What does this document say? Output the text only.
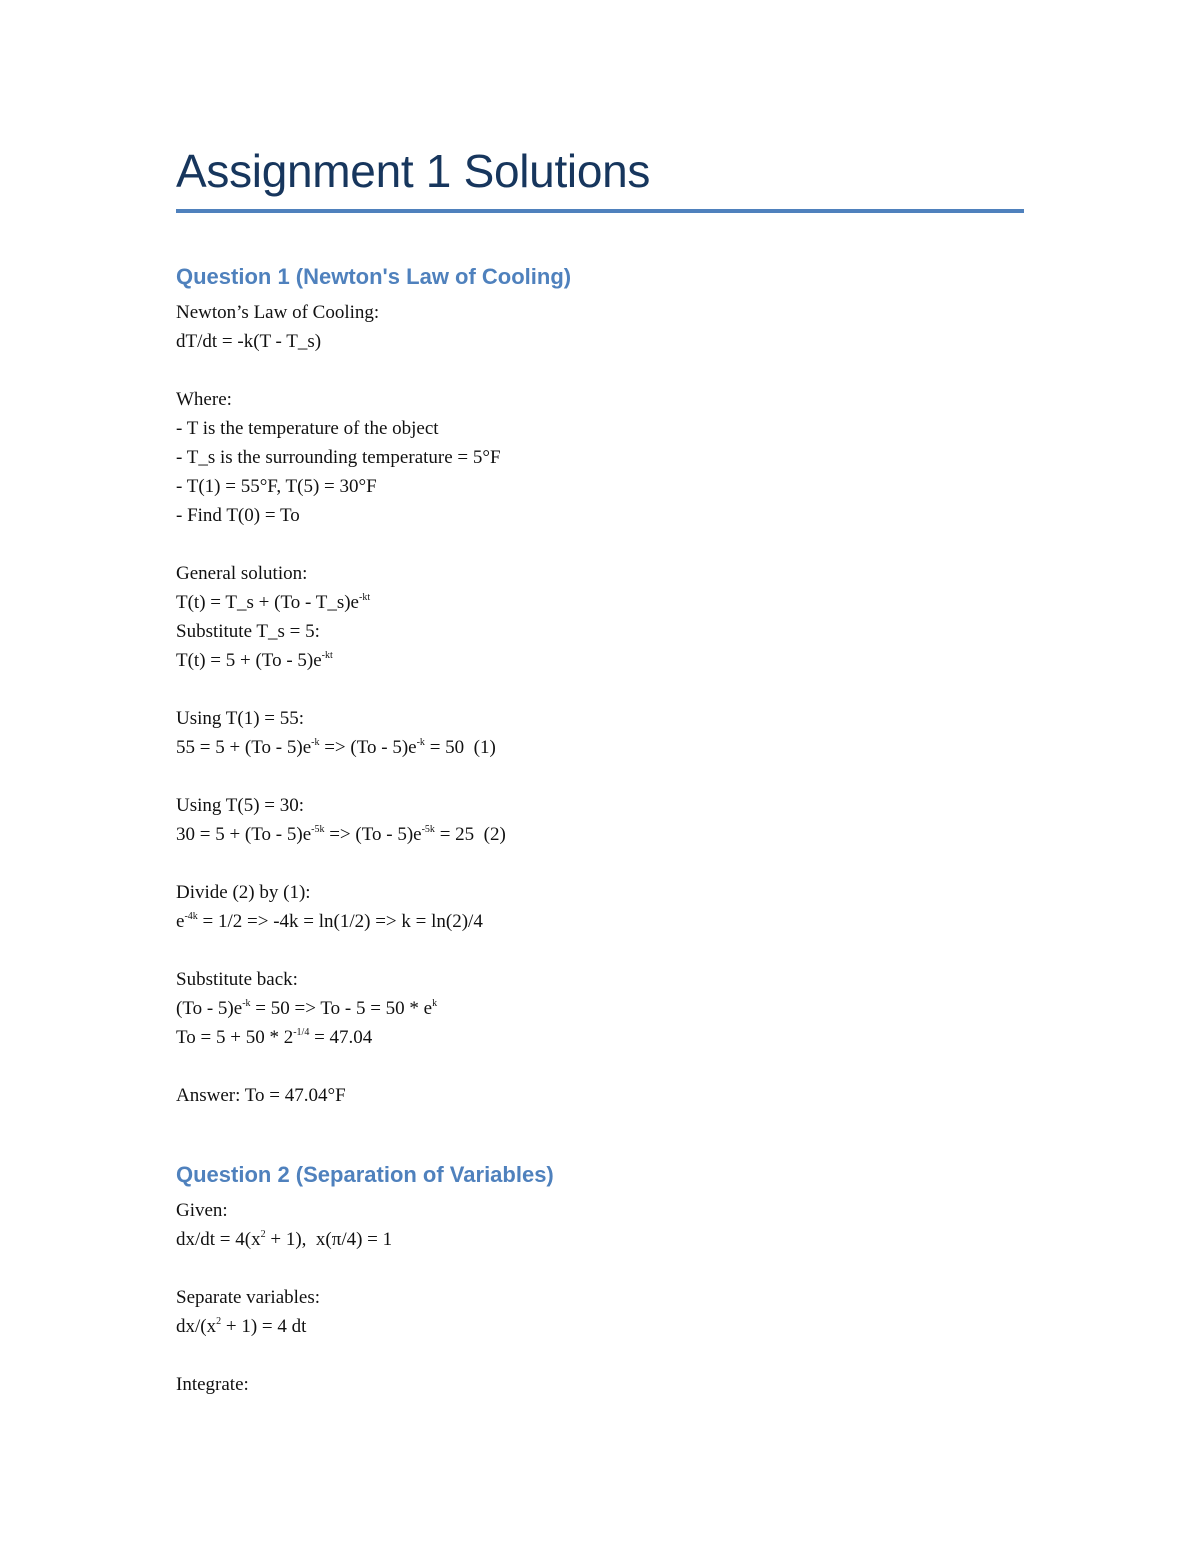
Assignment 1 Solutions
Question 1 (Newton's Law of Cooling)
Newton’s Law of Cooling:
dT/dt = -k(T - T_s)
Where:
- T is the temperature of the object
- T_s is the surrounding temperature = 5°F
- T(1) = 55°F, T(5) = 30°F
- Find T(0) = To
General solution:
T(t) = T_s + $(To - T\_s)e^{-kt}$
Substitute T_s = 5:
$T(t) = 5 + (To - 5)e^{-kt}$
Using T(1) = 55:
$55 = 5 + (To - 5)e^{-k} => (To - 5)e^{-k} = 50$  (1)
Using T(5) = 30:
$30 = 5 + (To - 5)e^{-5k} => (To - 5)e^{-5k} = 25$  (2)
Divide (2) by (1):
$e^{-4k} = 1/2 => -4k = \ln(1/2) => k = \ln(2)/4$
Substitute back:
$(To - 5)e^{-k} = 50 => To - 5 = 50 * e^k$
$To = 5 + 50 * 2^{-1/4} = 47.04$
Answer: To = 47.04°F
Question 2 (Separation of Variables)
Given:
$dx/dt = 4(x^2 + 1)$,  x(π/4) = 1
Separate variables:
$dx/(x^2 + 1) = 4$ dt
Integrate:
